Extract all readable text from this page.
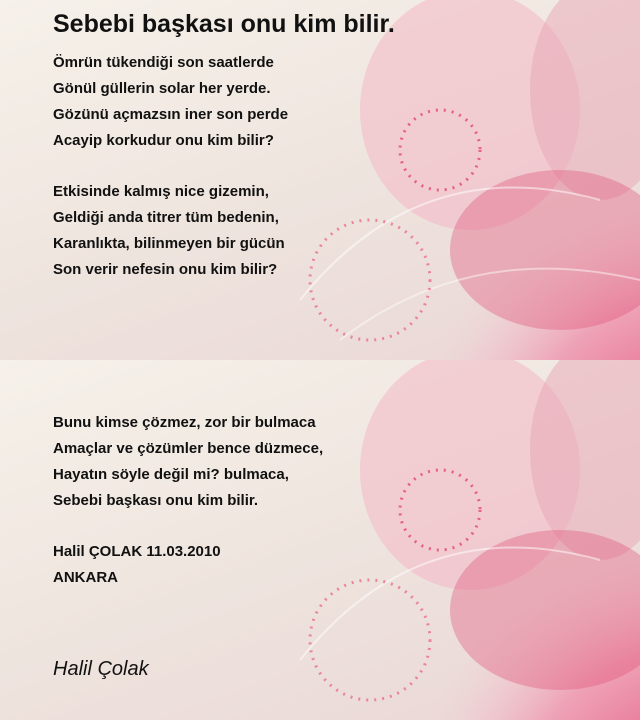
Sebebi başkası onu kim bilir.
Ömrün tükendiği son saatlerde
Gönül güllerin solar her yerde.
Gözünü açmazsın iner son perde
Acayip korkudur onu kim bilir?
Etkisinde kalmış nice gizemin,
Geldiği anda titrer tüm bedenin,
Karanlıkta, bilinmeyen bir gücün
Son verir nefesin onu kim bilir?
Bunu kimse çözmez, zor bir bulmaca
Amaçlar ve çözümler bence düzmece,
Hayatın söyle değil mi? bulmaca,
Sebebi başkası onu kim bilir.
Halil ÇOLAK 11.03.2010
ANKARA
Halil Çolak
